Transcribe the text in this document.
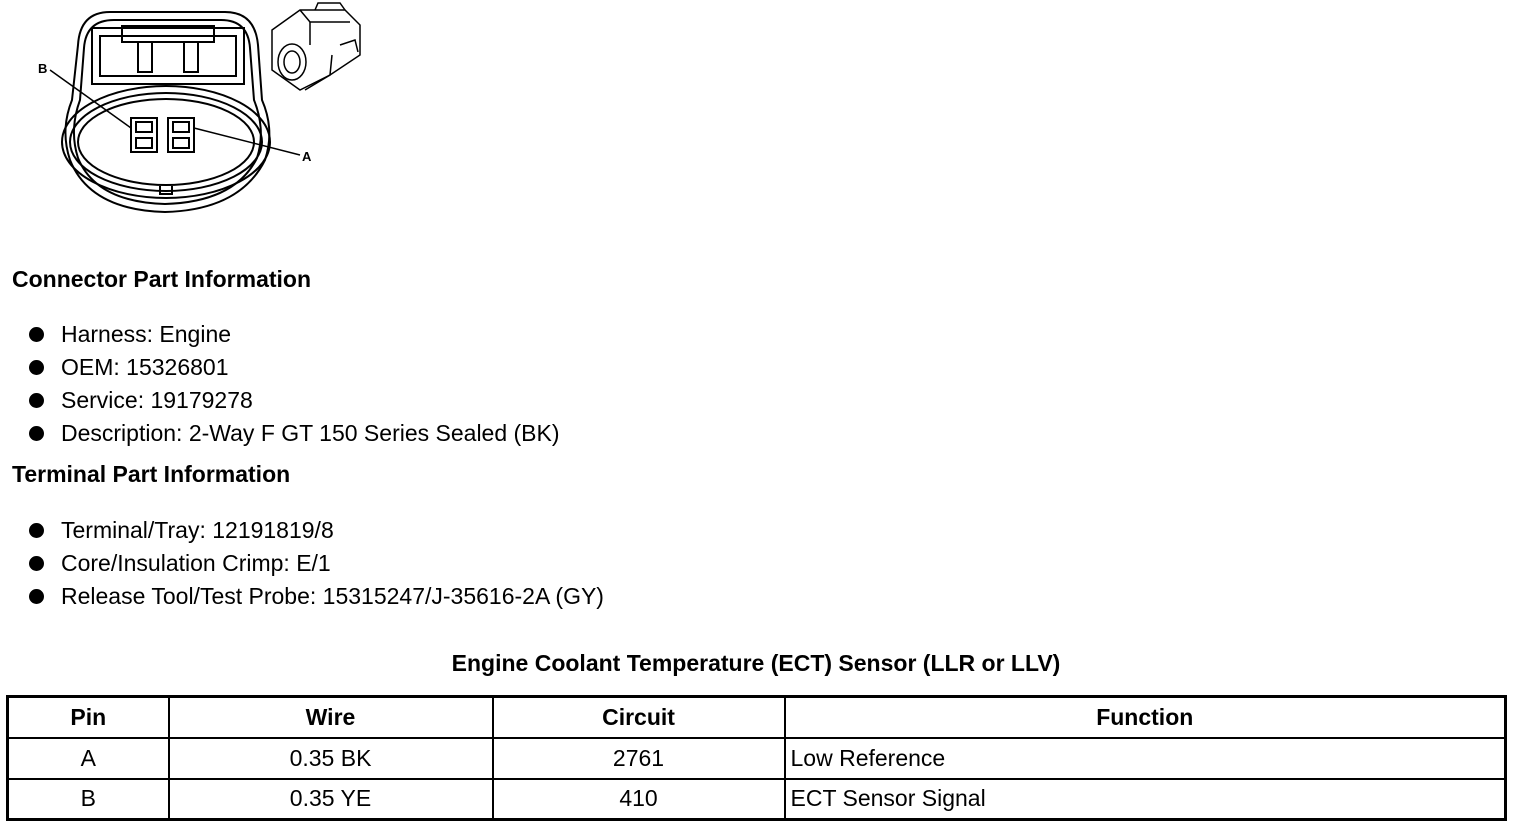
B
A
Connector Part Information
Harness: Engine
OEM: 15326801
Service: 19179278
Description: 2-Way F GT 150 Series Sealed (BK)
Terminal Part Information
Terminal/Tray: 12191819/8
Core/Insulation Crimp: E/1
Release Tool/Test Probe: 15315247/J-35616-2A (GY)
Engine Coolant Temperature (ECT) Sensor (LLR or LLV)
Pin	Wire	Circuit	Function
A	0.35 BK	2761	Low Reference
B	0.35 YE	410	ECT Sensor Signal
